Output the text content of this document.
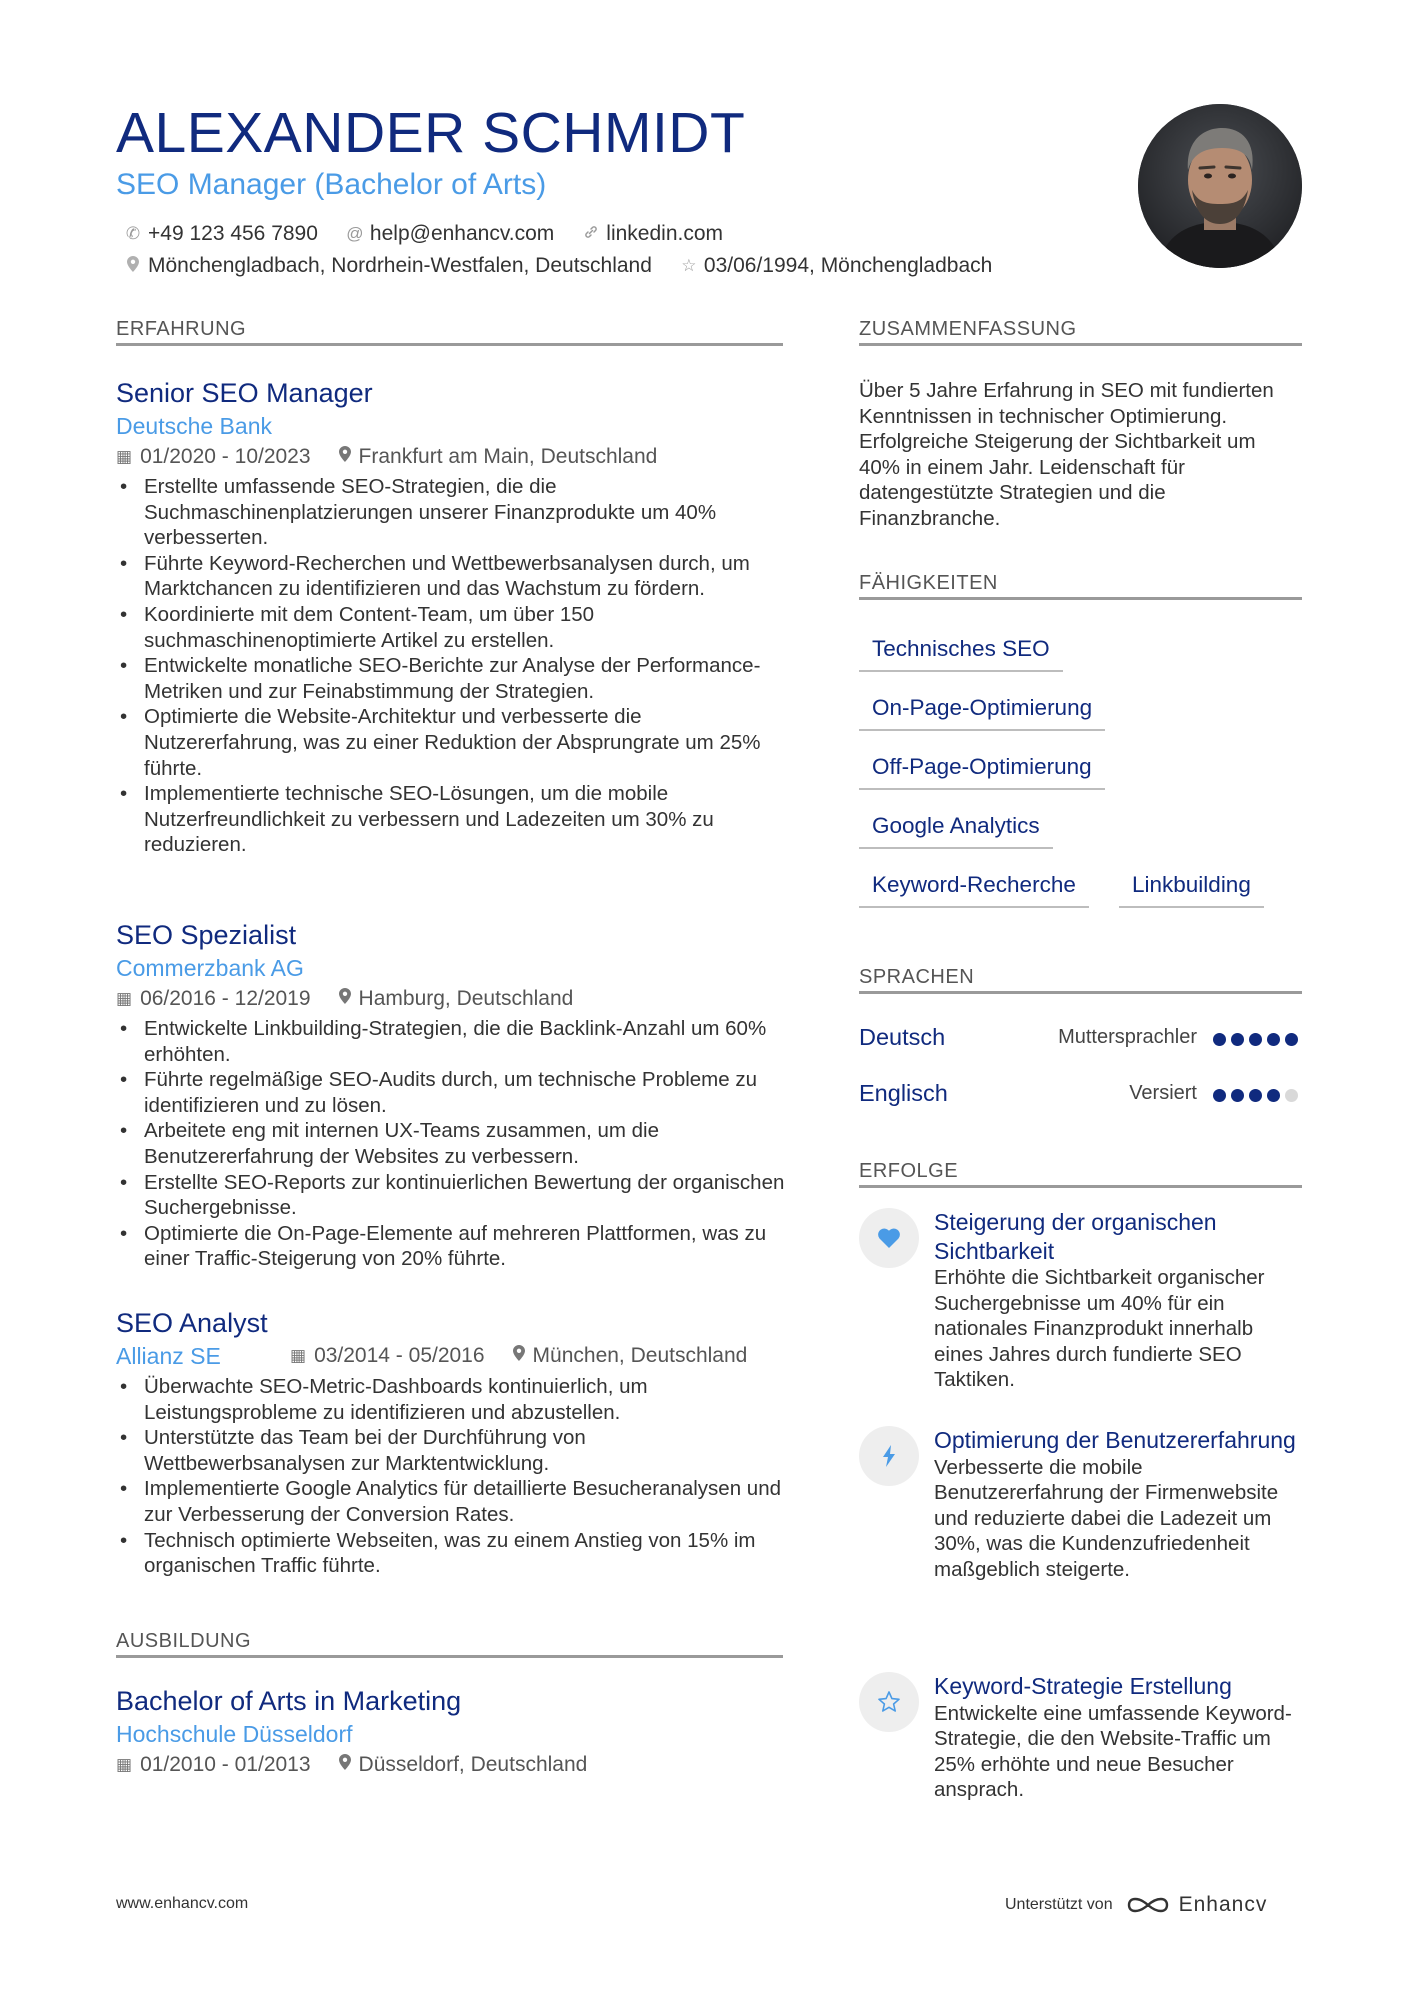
ALEXANDER SCHMIDT
SEO Manager (Bachelor of Arts)
✆ +49 123 456 7890 @ help@enhancv.com linkedin.com
Mönchengladbach, Nordrhein-Westfalen, Deutschland ☆ 03/06/1994, Mönchengladbach
ERFAHRUNG
Senior SEO Manager
Deutsche Bank
▦ 01/2020 - 10/2023 Frankfurt am Main, Deutschland
• Erstellte umfassende SEO-Strategien, die die Suchmaschinenplatzierungen unserer Finanzprodukte um 40% verbesserten.
• Führte Keyword-Recherchen und Wettbewerbsanalysen durch, um Marktchancen zu identifizieren und das Wachstum zu fördern.
• Koordinierte mit dem Content-Team, um über 150 suchmaschinenoptimierte Artikel zu erstellen.
• Entwickelte monatliche SEO-Berichte zur Analyse der Performance-Metriken und zur Feinabstimmung der Strategien.
• Optimierte die Website-Architektur und verbesserte die Nutzererfahrung, was zu einer Reduktion der Absprungrate um 25% führte.
• Implementierte technische SEO-Lösungen, um die mobile Nutzerfreundlichkeit zu verbessern und Ladezeiten um 30% zu reduzieren.
SEO Spezialist
Commerzbank AG
▦ 06/2016 - 12/2019 Hamburg, Deutschland
• Entwickelte Linkbuilding-Strategien, die die Backlink-Anzahl um 60% erhöhten.
• Führte regelmäßige SEO-Audits durch, um technische Probleme zu identifizieren und zu lösen.
• Arbeitete eng mit internen UX-Teams zusammen, um die Benutzererfahrung der Websites zu verbessern.
• Erstellte SEO-Reports zur kontinuierlichen Bewertung der organischen Suchergebnisse.
• Optimierte die On-Page-Elemente auf mehreren Plattformen, was zu einer Traffic-Steigerung von 20% führte.
SEO Analyst
Allianz SE	▦ 03/2014 - 05/2016 München, Deutschland
• Überwachte SEO-Metric-Dashboards kontinuierlich, um Leistungsprobleme zu identifizieren und abzustellen.
• Unterstützte das Team bei der Durchführung von Wettbewerbsanalysen zur Marktentwicklung.
• Implementierte Google Analytics für detaillierte Besucheranalysen und zur Verbesserung der Conversion Rates.
• Technisch optimierte Webseiten, was zu einem Anstieg von 15% im organischen Traffic führte.
AUSBILDUNG
Bachelor of Arts in Marketing
Hochschule Düsseldorf
▦ 01/2010 - 01/2013 Düsseldorf, Deutschland
ZUSAMMENFASSUNG
Über 5 Jahre Erfahrung in SEO mit fundierten Kenntnissen in technischer Optimierung. Erfolgreiche Steigerung der Sichtbarkeit um 40% in einem Jahr. Leidenschaft für datengestützte Strategien und die Finanzbranche.
FÄHIGKEITEN
Technisches SEO
On-Page-Optimierung
Off-Page-Optimierung
Google Analytics
Keyword-Recherche	Linkbuilding
SPRACHEN
Deutsch	Muttersprachler
Englisch	Versiert
ERFOLGE
Steigerung der organischen Sichtbarkeit
Erhöhte die Sichtbarkeit organischer Suchergebnisse um 40% für ein nationales Finanzprodukt innerhalb eines Jahres durch fundierte SEO Taktiken.
Optimierung der Benutzererfahrung
Verbesserte die mobile Benutzererfahrung der Firmenwebsite und reduzierte dabei die Ladezeit um 30%, was die Kundenzufriedenheit maßgeblich steigerte.
Keyword-Strategie Erstellung
Entwickelte eine umfassende Keyword-Strategie, die den Website-Traffic um 25% erhöhte und neue Besucher ansprach.
www.enhancv.com	Unterstützt von	Enhancv
